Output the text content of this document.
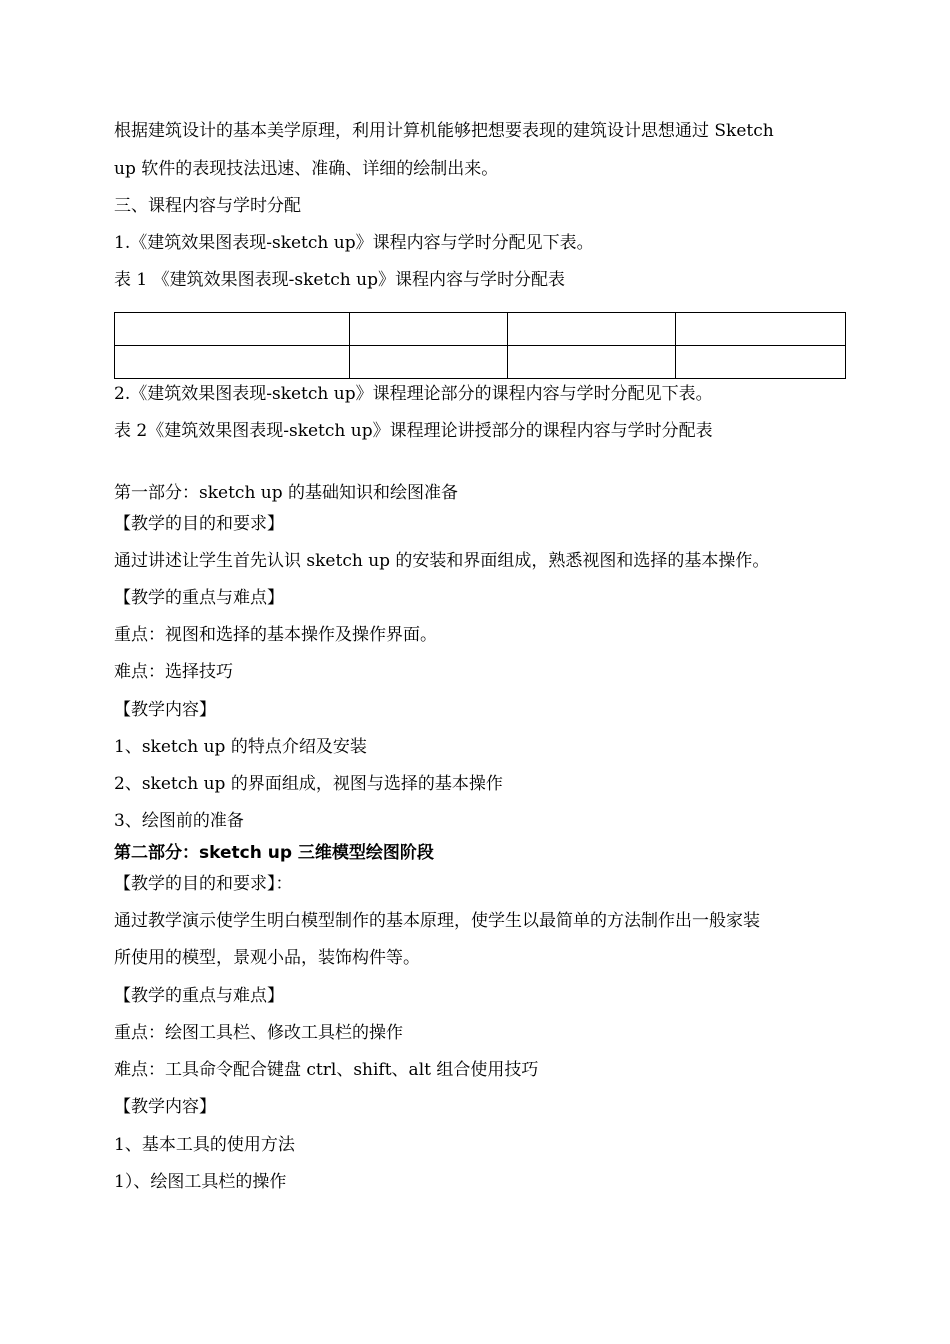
根据建筑设计的基本美学原理，利用计算机能够把想要表现的建筑设计思想通过 Sketch
up 软件的表现技法迅速、准确、详细的绘制出来。
三、课程内容与学时分配
1.《建筑效果图表现-sketch up》课程内容与学时分配见下表。
表 1 《建筑效果图表现-sketch up》课程内容与学时分配表

2.《建筑效果图表现-sketch up》课程理论部分的课程内容与学时分配见下表。
表 2《建筑效果图表现-sketch up》课程理论讲授部分的课程内容与学时分配表
第一部分：sketch up 的基础知识和绘图准备
【教学的目的和要求】
通过讲述让学生首先认识 sketch up 的安装和界面组成，熟悉视图和选择的基本操作。
【教学的重点与难点】
重点：视图和选择的基本操作及操作界面。
难点：选择技巧
【教学内容】
1、sketch up 的特点介绍及安装
2、sketch up 的界面组成，视图与选择的基本操作
3、绘图前的准备
第二部分：sketch up 三维模型绘图阶段
【教学的目的和要求】：
通过教学演示使学生明白模型制作的基本原理，使学生以最简单的方法制作出一般家装
所使用的模型，景观小品，装饰构件等。
【教学的重点与难点】
重点：绘图工具栏、修改工具栏的操作
难点：工具命令配合键盘 ctrl、shift、alt 组合使用技巧
【教学内容】
1、基本工具的使用方法
1）、绘图工具栏的操作
